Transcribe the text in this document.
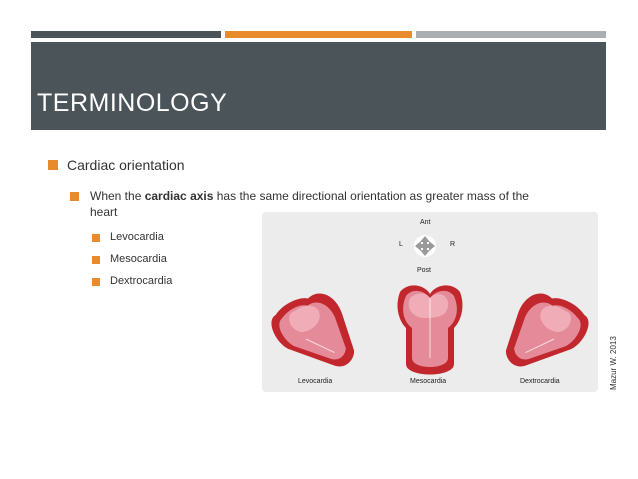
TERMINOLOGY
Cardiac orientation
When the cardiac axis has the same directional orientation as greater mass of the
heart
Levocardia
Mesocardia
Dextrocardia
Ant
L	R
Post
Levocardia	Mesocardia	Dextrocardia	Mazur W. 2013
